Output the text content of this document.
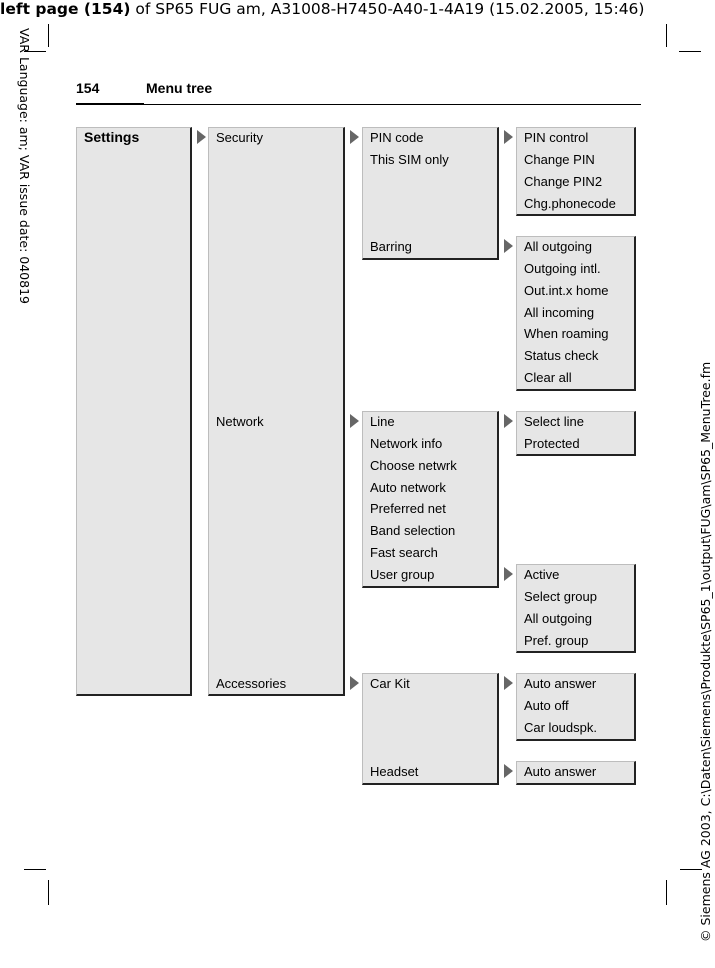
left page (154) of SP65 FUG am, A31008-H7450-A40-1-4A19 (15.02.2005, 15:46)
VAR Language: am; VAR issue date: 040819
© Siemens AG 2003, C:\Daten\Siemens\Produkte\SP65_1\output\FUG\am\SP65_MenuTree.fm
154	Menu tree
Settings	Security
Network
Accessories
PIN code
This SIM only
Barring
PIN control
Change PIN
Change PIN2
Chg.phonecode
All outgoing
Outgoing intl.
Out.int.x home
All incoming
When roaming
Status check
Clear all
Line
Network info
Choose netwrk
Auto network
Preferred net
Band selection
Fast search
User group
Select line
Protected
Active
Select group
All outgoing
Pref. group
Car Kit
Headset
Auto answer
Auto off
Car loudspk.
Auto answer
